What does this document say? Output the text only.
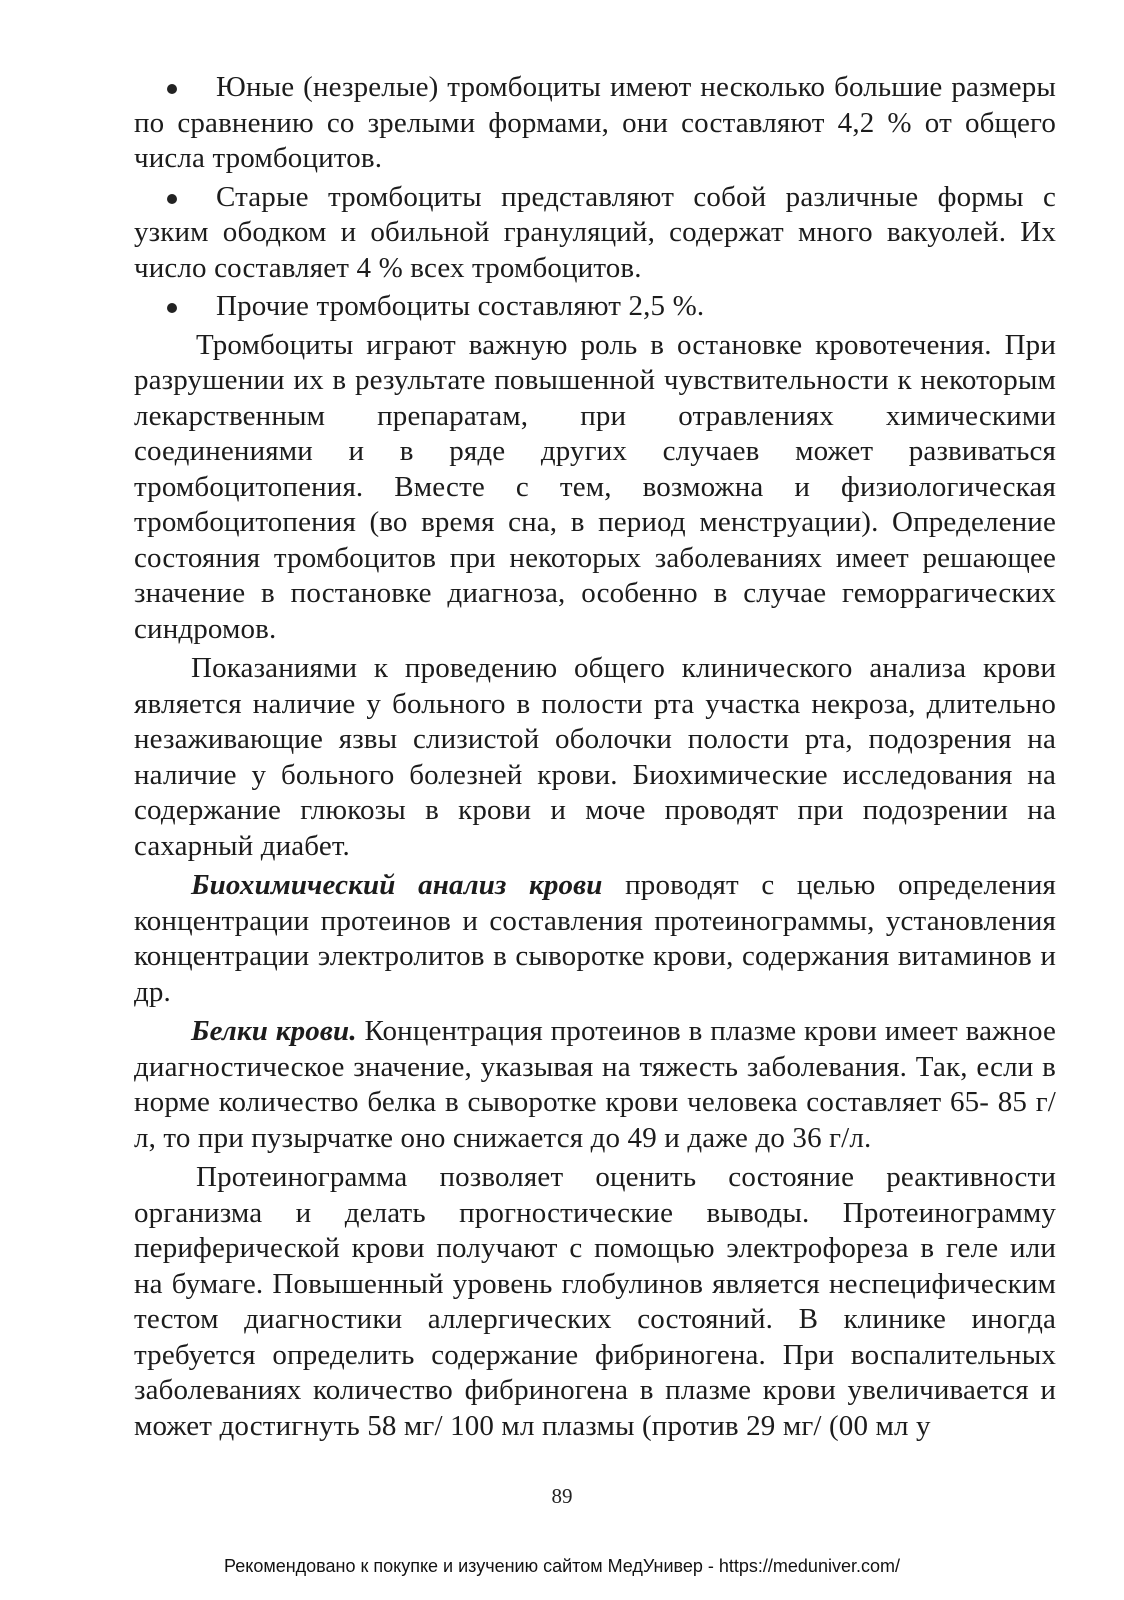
Юные (незрелые) тромбоциты имеют несколько большие размеры по сравнению со зрелыми формами, они составляют 4,2 % от общего числа тромбоцитов.

Старые тромбоциты представляют собой различные формы с узким ободком и обильной грануляций, содержат много вакуолей. Их число составляет 4 % всех тромбоцитов.

Прочие тромбоциты составляют 2,5 %.

Тромбоциты играют важную роль в остановке кровотечения. При разрушении их в результате повышенной чувствительности к некоторым лекарственным препаратам, при отравлениях химическими соединениями и в ряде других случаев может развиваться тромбоцитопения. Вместе с тем, возможна и физиологическая тромбоцитопения (во время сна, в период менструации). Определение состояния тромбоцитов при некоторых заболеваниях имеет решающее значение в постановке диагноза, особенно в случае геморрагических синдромов.

Показаниями к проведению общего клинического анализа крови является наличие у больного в полости рта участка некроза, длительно незаживающие язвы слизистой оболочки полости рта, подозрения на наличие у больного болезней крови. Биохимические исследования на содержание глюкозы в крови и моче проводят при подозрении на сахарный диабет.

Биохимический анализ крови проводят с целью определения концентрации протеинов и составления протеинограммы, установления концентрации электролитов в сыворотке крови, содержания витаминов и др.

Белки крови. Концентрация протеинов в плазме крови имеет важное диагностическое значение, указывая на тяжесть заболевания. Так, если в норме количество белка в сыворотке крови человека составляет 65- 85 г/л, то при пузырчатке оно снижается до 49 и даже до 36 г/л.

Протеинограмма позволяет оценить состояние реактивности организма и делать прогностические выводы. Протеинограмму периферической крови получают с помощью электрофореза в геле или на бумаге. Повышенный уровень глобулинов является неспецифическим тестом диагностики аллергических состояний. В клинике иногда требуется определить содержание фибриногена. При воспалительных заболеваниях количество фибриногена в плазме крови увеличивается и может достигнуть 58 мг/ 100 мл плазмы (против 29 мг/ (00 мл у

89
Рекомендовано к покупке и изучению сайтом МедУнивер - https://meduniver.com/
